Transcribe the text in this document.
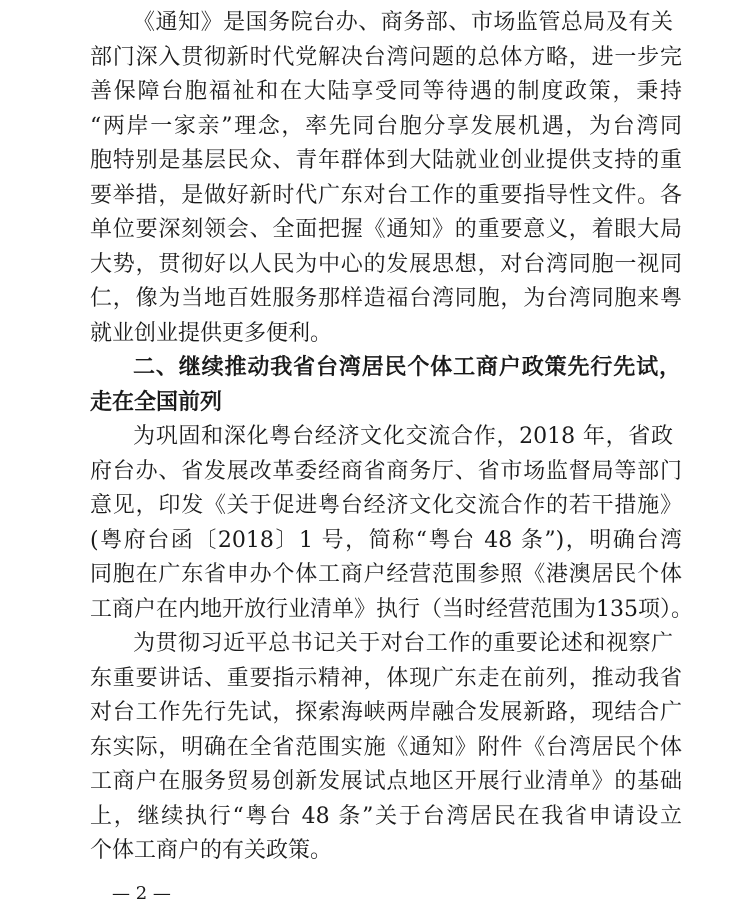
《通知》是国务院台办、商务部、市场监管总局及有关
部门深入贯彻新时代党解决台湾问题的总体方略，进一步完
善保障台胞福祉和在大陆享受同等待遇的制度政策，秉持
“两岸一家亲”理念，率先同台胞分享发展机遇，为台湾同
胞特别是基层民众、青年群体到大陆就业创业提供支持的重
要举措，是做好新时代广东对台工作的重要指导性文件。各
单位要深刻领会、全面把握《通知》的重要意义，着眼大局
大势，贯彻好以人民为中心的发展思想，对台湾同胞一视同
仁，像为当地百姓服务那样造福台湾同胞，为台湾同胞来粤
就业创业提供更多便利。
二、继续推动我省台湾居民个体工商户政策先行先试，
走在全国前列
为巩固和深化粤台经济文化交流合作，2018 年，省政
府台办、省发展改革委经商省商务厅、省市场监督局等部门
意见，印发《关于促进粤台经济文化交流合作的若干措施》
(粤府台函〔2018〕1 号，简称“粤台 48 条”)，明确台湾
同胞在广东省申办个体工商户经营范围参照《港澳居民个体
工商户在内地开放行业清单》执行（当时经营范围为135项）。
为贯彻习近平总书记关于对台工作的重要论述和视察广
东重要讲话、重要指示精神，体现广东走在前列，推动我省
对台工作先行先试，探索海峡两岸融合发展新路，现结合广
东实际，明确在全省范围实施《通知》附件《台湾居民个体
工商户在服务贸易创新发展试点地区开展行业清单》的基础
上，继续执行“粤台 48 条”关于台湾居民在我省申请设立
— 2 —
个体工商户的有关政策。
